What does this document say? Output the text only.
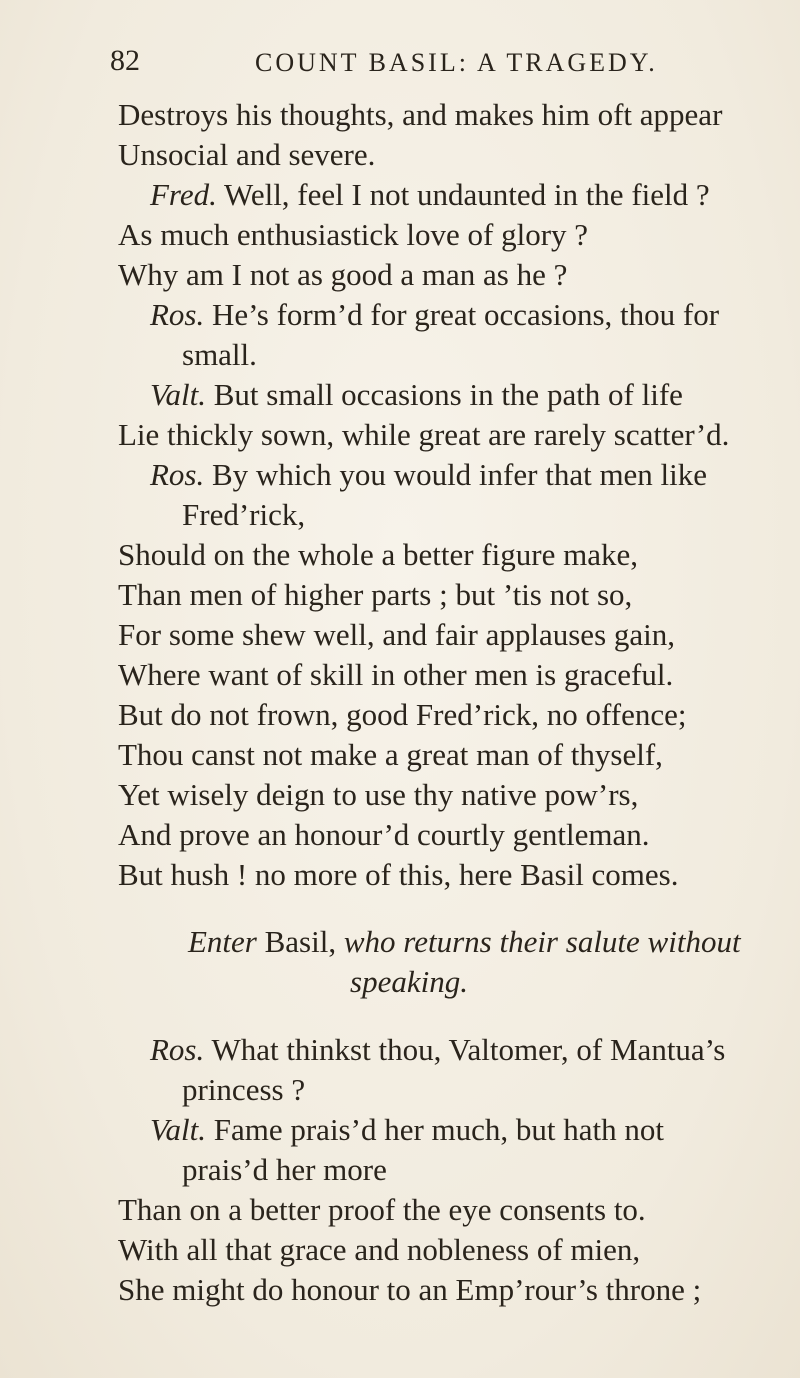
82	COUNT BASIL: A TRAGEDY.
Destroys his thoughts, and makes him oft appear
Unsocial and severe.
Fred. Well, feel I not undaunted in the field ?
As much enthusiastick love of glory ?
Why am I not as good a man as he ?
Ros. He’s form’d for great occasions, thou for
small.
Valt. But small occasions in the path of life
Lie thickly sown, while great are rarely scatter’d.
Ros. By which you would infer that men like
Fred’rick,
Should on the whole a better figure make,
Than men of higher parts ; but ’tis not so,
For some shew well, and fair applauses gain,
Where want of skill in other men is graceful.
But do not frown, good Fred’rick, no offence;
Thou canst not make a great man of thyself,
Yet wisely deign to use thy native pow’rs,
And prove an honour’d courtly gentleman.
But hush ! no more of this, here Basil comes.
Enter Basil, who returns their salute without
speaking.
Ros. What thinkst thou, Valtomer, of Mantua’s
princess ?
Valt. Fame prais’d her much, but hath not
prais’d her more
Than on a better proof the eye consents to.
With all that grace and nobleness of mien,
She might do honour to an Emp’rour’s throne ;
